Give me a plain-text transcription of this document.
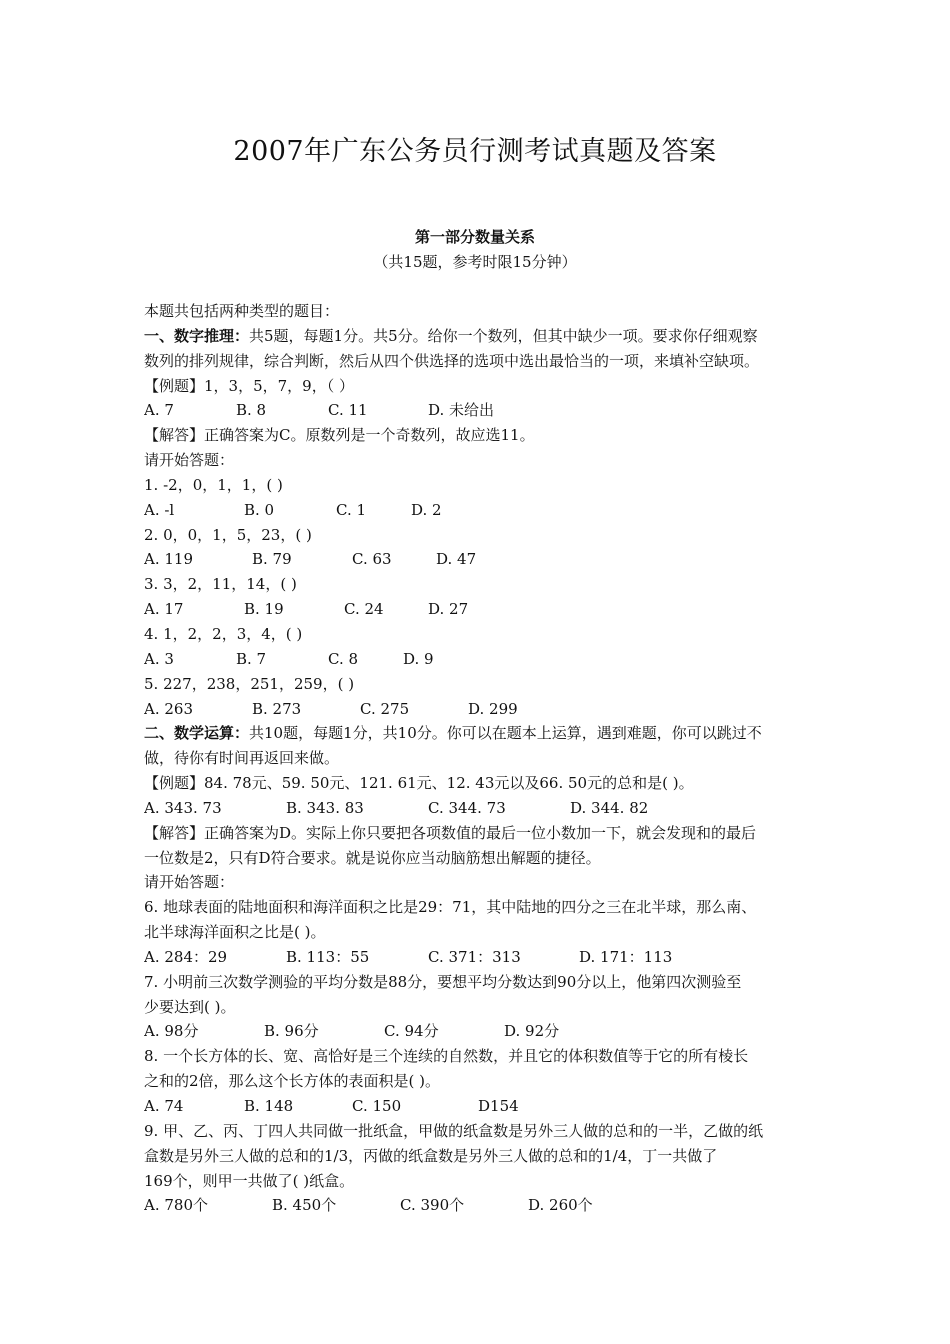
2007年广东公务员行测考试真题及答案
第一部分数量关系
（共15题，参考时限15分钟）
本题共包括两种类型的题目：
一、数字推理：共5题，每题1分。共5分。给你一个数列，但其中缺少一项。要求你仔细观察
数列的排列规律，综合判断，然后从四个供选择的选项中选出最恰当的一项，来填补空缺项。
【例题】1，3，5，7，9，（ ）
A. 7	B. 8	C. 11	D. 未给出
【解答】正确答案为C。原数列是一个奇数列，故应选11。
请开始答题：
1. -2，0，1，1，( )
A. -l	B. 0	C. 1	D. 2
2. 0，0，1，5，23，( )
A. 119	B. 79	C. 63	D. 47
3. 3，2，11，14，( )
A. 17	B. 19	C. 24	D. 27
4. 1，2，2，3，4，( )
A. 3	B. 7	C. 8	D. 9
5. 227，238，251，259，( )
A. 263	B. 273	C. 275	D. 299
二、数学运算：共10题，每题1分，共10分。你可以在题本上运算，遇到难题，你可以跳过不
做，待你有时间再返回来做。
【例题】84. 78元、59. 50元、121. 61元、12. 43元以及66. 50元的总和是( )。
A. 343. 73	B. 343. 83	C. 344. 73	D. 344. 82
【解答】正确答案为D。实际上你只要把各项数值的最后一位小数加一下，就会发现和的最后
一位数是2，只有D符合要求。就是说你应当动脑筋想出解题的捷径。
请开始答题：
6. 地球表面的陆地面积和海洋面积之比是29：71，其中陆地的四分之三在北半球，那么南、
北半球海洋面积之比是( )。
A. 284：29	B. 113：55	C. 371：313	D. 171：113
7. 小明前三次数学测验的平均分数是88分，要想平均分数达到90分以上，他第四次测验至
少要达到( )。
A. 98分	B. 96分	C. 94分	D. 92分
8. 一个长方体的长、宽、高恰好是三个连续的自然数，并且它的体积数值等于它的所有棱长
之和的2倍，那么这个长方体的表面积是( )。
A. 74	B. 148	C. 150	D154
9. 甲、乙、丙、丁四人共同做一批纸盒，甲做的纸盒数是另外三人做的总和的一半，乙做的纸
盒数是另外三人做的总和的1/3，丙做的纸盒数是另外三人做的总和的1/4，丁一共做了
169个，则甲一共做了( )纸盒。
A. 780个	B. 450个	C. 390个	D. 260个
